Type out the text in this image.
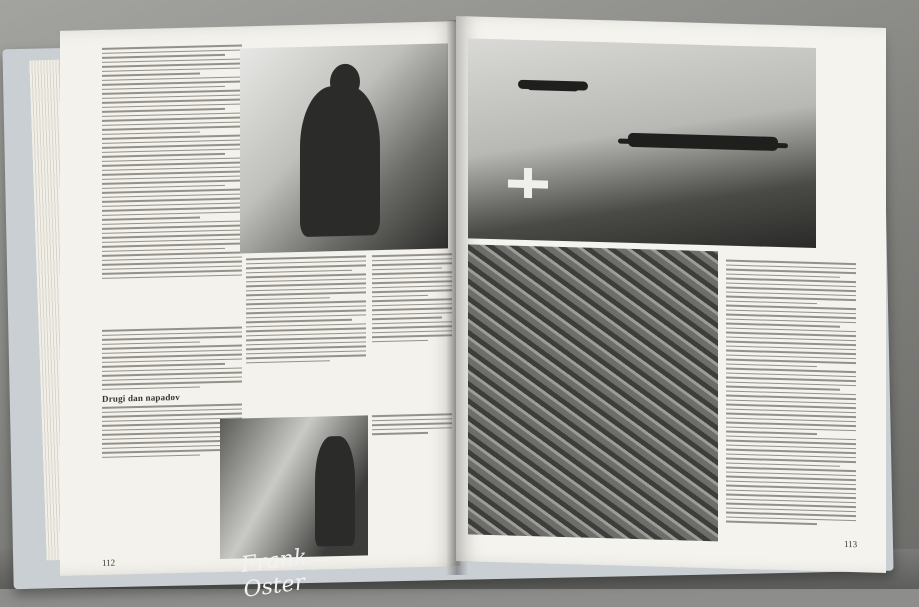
Drugi dan napadov
Frank Oster
112
113
